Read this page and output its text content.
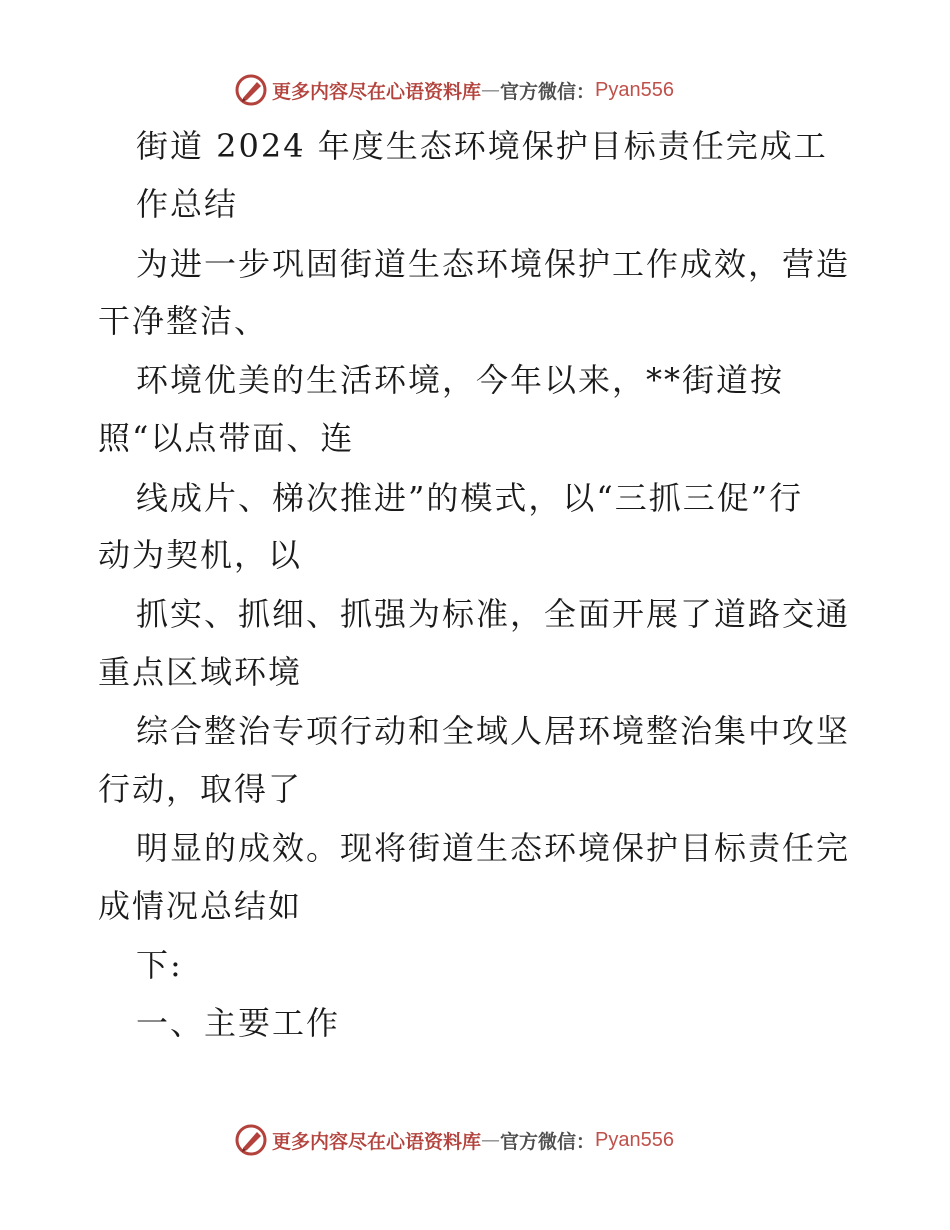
更多内容尽在心语资料库 — 官方微信： Pyan556
街道 2024 年度生态环境保护目标责任完成工
作总结
为进一步巩固街道生态环境保护工作成效，营造
干净整洁、
环境优美的生活环境，今年以来，**街道按
照“以点带面、连
线成片、梯次推进”的模式，以“三抓三促”行
动为契机，以
抓实、抓细、抓强为标准，全面开展了道路交通
重点区域环境
综合整治专项行动和全域人居环境整治集中攻坚
行动，取得了
明显的成效。现将街道生态环境保护目标责任完
成情况总结如
下:
一、主要工作
更多内容尽在心语资料库 — 官方微信： Pyan556
